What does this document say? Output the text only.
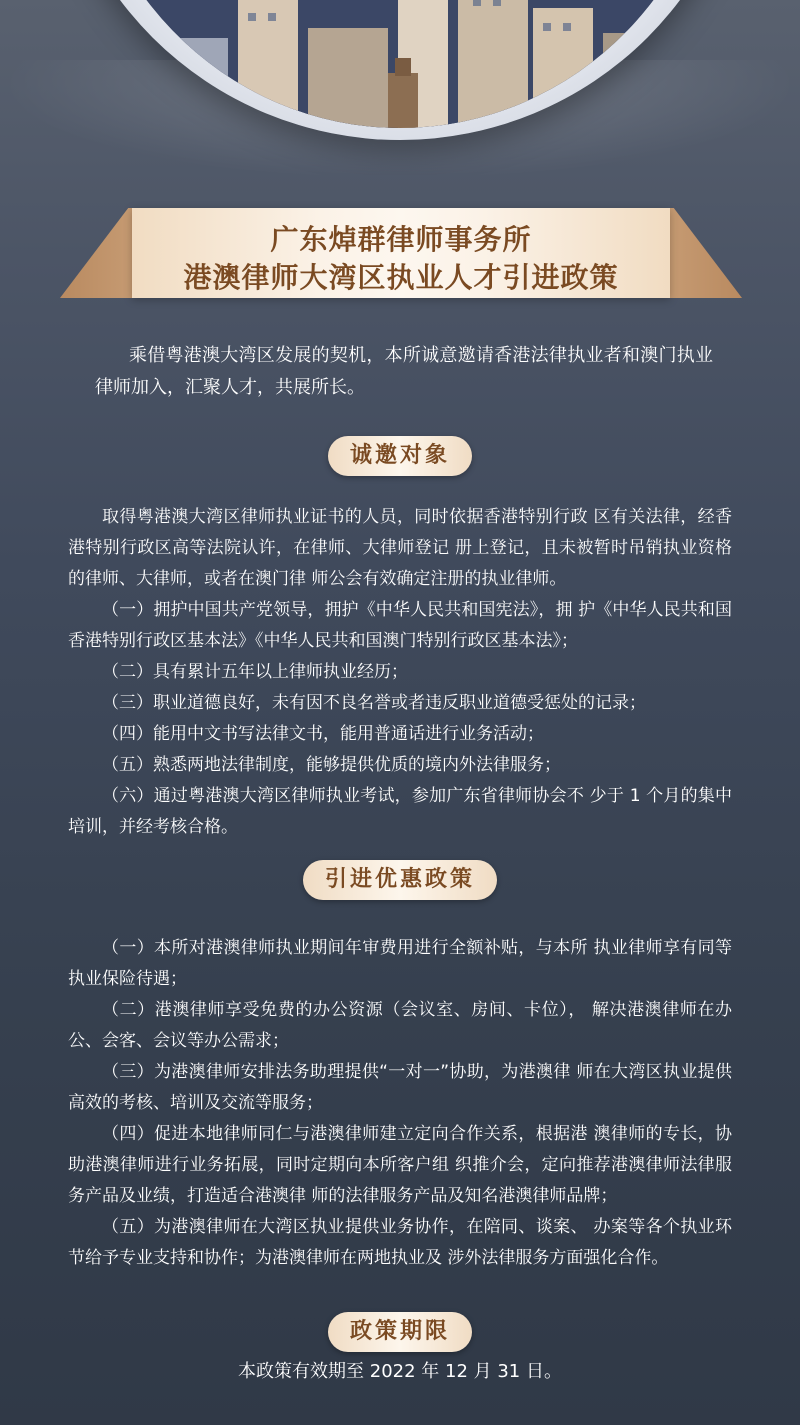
广东焯群律师事务所
港澳律师大湾区执业人才引进政策

乘借粤港澳大湾区发展的契机，本所诚意邀请香港法律执业者和澳门执业律师加入，汇聚人才，共展所长。

诚邀对象

取得粤港澳大湾区律师执业证书的人员，同时依据香港特别行政 区有关法律，经香港特别行政区高等法院认许，在律师、大律师登记 册上登记，且未被暂时吊销执业资格的律师、大律师，或者在澳门律 师公会有效确定注册的执业律师。

（一）拥护中国共产党领导，拥护《中华人民共和国宪法》，拥 护《中华人民共和国香港特别行政区基本法》《中华人民共和国澳门特别行政区基本法》；

（二）具有累计五年以上律师执业经历；

（三）职业道德良好，未有因不良名誉或者违反职业道德受惩处的记录；

（四）能用中文书写法律文书，能用普通话进行业务活动；

（五）熟悉两地法律制度，能够提供优质的境内外法律服务；

（六）通过粤港澳大湾区律师执业考试，参加广东省律师协会不 少于 1 个月的集中培训，并经考核合格。

引进优惠政策

（一）本所对港澳律师执业期间年审费用进行全额补贴，与本所 执业律师享有同等执业保险待遇；

（二）港澳律师享受免费的办公资源（会议室、房间、卡位）， 解决港澳律师在办公、会客、会议等办公需求；

（三）为港澳律师安排法务助理提供“一对一”协助，为港澳律 师在大湾区执业提供高效的考核、培训及交流等服务；

（四）促进本地律师同仁与港澳律师建立定向合作关系，根据港 澳律师的专长，协助港澳律师进行业务拓展，同时定期向本所客户组 织推介会，定向推荐港澳律师法律服务产品及业绩，打造适合港澳律 师的法律服务产品及知名港澳律师品牌；

（五）为港澳律师在大湾区执业提供业务协作，在陪同、谈案、 办案等各个执业环节给予专业支持和协作；为港澳律师在两地执业及 涉外法律服务方面强化合作。

政策期限
本政策有效期至 2022 年 12 月 31 日。
